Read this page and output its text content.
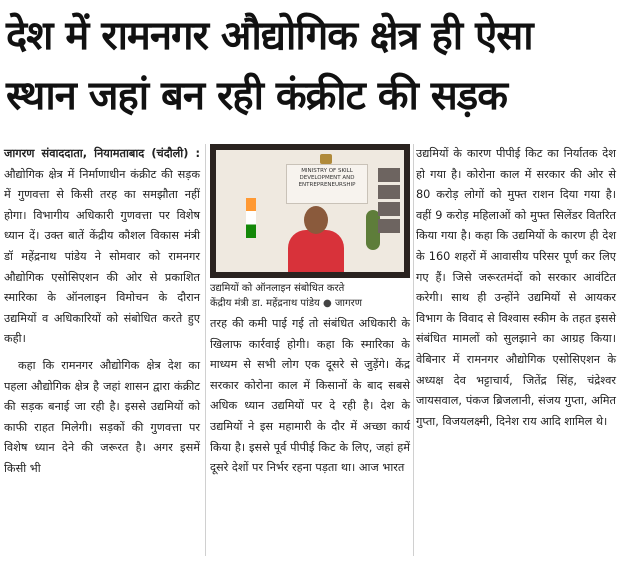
देश में रामनगर औद्योगिक क्षेत्र ही ऐसा
स्थान जहां बन रही कंक्रीट की सड़क

जागरण संवाददाता, नियामताबाद (चंदौली) : औद्योगिक क्षेत्र में निर्माणाधीन कंक्रीट की सड़क में गुणवत्ता से किसी तरह का समझौता नहीं होगा। विभागीय अधिकारी गुणवत्ता पर विशेष ध्यान दें। उक्त बातें केंद्रीय कौशल विकास मंत्री डॉ महेंद्रनाथ पांडेय ने सोमवार को रामनगर औद्योगिक एसोसिएशन की ओर से प्रकाशित स्मारिका के ऑनलाइन विमोचन के दौरान उद्यमियों व अधिकारियों को संबोधित करते हुए कही।

कहा कि रामनगर औद्योगिक क्षेत्र देश का पहला औद्योगिक क्षेत्र है जहां शासन द्वारा कंक्रीट की सड़क बनाई जा रही है। इससे उद्यमियों को काफी राहत मिलेगी। सड़कों की गुणवत्ता पर विशेष ध्यान देने की जरूरत है। अगर इसमें किसी भी

MINISTRY OF SKILL DEVELOPMENT AND ENTREPRENEURSHIP
उद्यमियों को ऑनलाइन संबोधित करते
केंद्रीय मंत्री डा. महेंद्रनाथ पांडेय ● जागरण

तरह की कमी पाई गई तो संबंधित अधिकारी के खिलाफ कार्रवाई होगी। कहा कि स्मारिका के माध्यम से सभी लोग एक दूसरे से जुड़ेंगे। केंद्र सरकार कोरोना काल में किसानों के बाद सबसे अधिक ध्यान उद्यमियों पर दे रही है। देश के उद्यमियों ने इस महामारी के दौर में अच्छा कार्य किया है। इससे पूर्व पीपीई किट के लिए, जहां हमें दूसरे देशों पर निर्भर रहना पड़ता था। आज भारत

उद्यमियों के कारण पीपीई किट का निर्यातक देश हो गया है। कोरोना काल में सरकार की ओर से 80 करोड़ लोगों को मुफ्त राशन दिया गया है। वहीं 9 करोड़ महिलाओं को मुफ्त सिलेंडर वितरित किया गया है। कहा कि उद्यमियों के कारण ही देश के 160 शहरों में आवासीय परिसर पूर्ण कर लिए गए हैं। जिसे जरूरतमंदों को सरकार आवंटित करेगी। साथ ही उन्होंने उद्यमियों से आयकर विभाग के विवाद से विश्वास स्कीम के तहत इससे संबंधित मामलों को सुलझाने का आग्रह किया। वेबिनार में रामनगर औद्योगिक एसोसिएशन के अध्यक्ष देव भट्टाचार्य, जितेंद्र सिंह, चंद्रेश्वर जायसवाल, पंकज ब्रिजलानी, संजय गुप्ता, अमित गुप्ता, विजयलक्ष्मी, दिनेश राय आदि शामिल थे।
